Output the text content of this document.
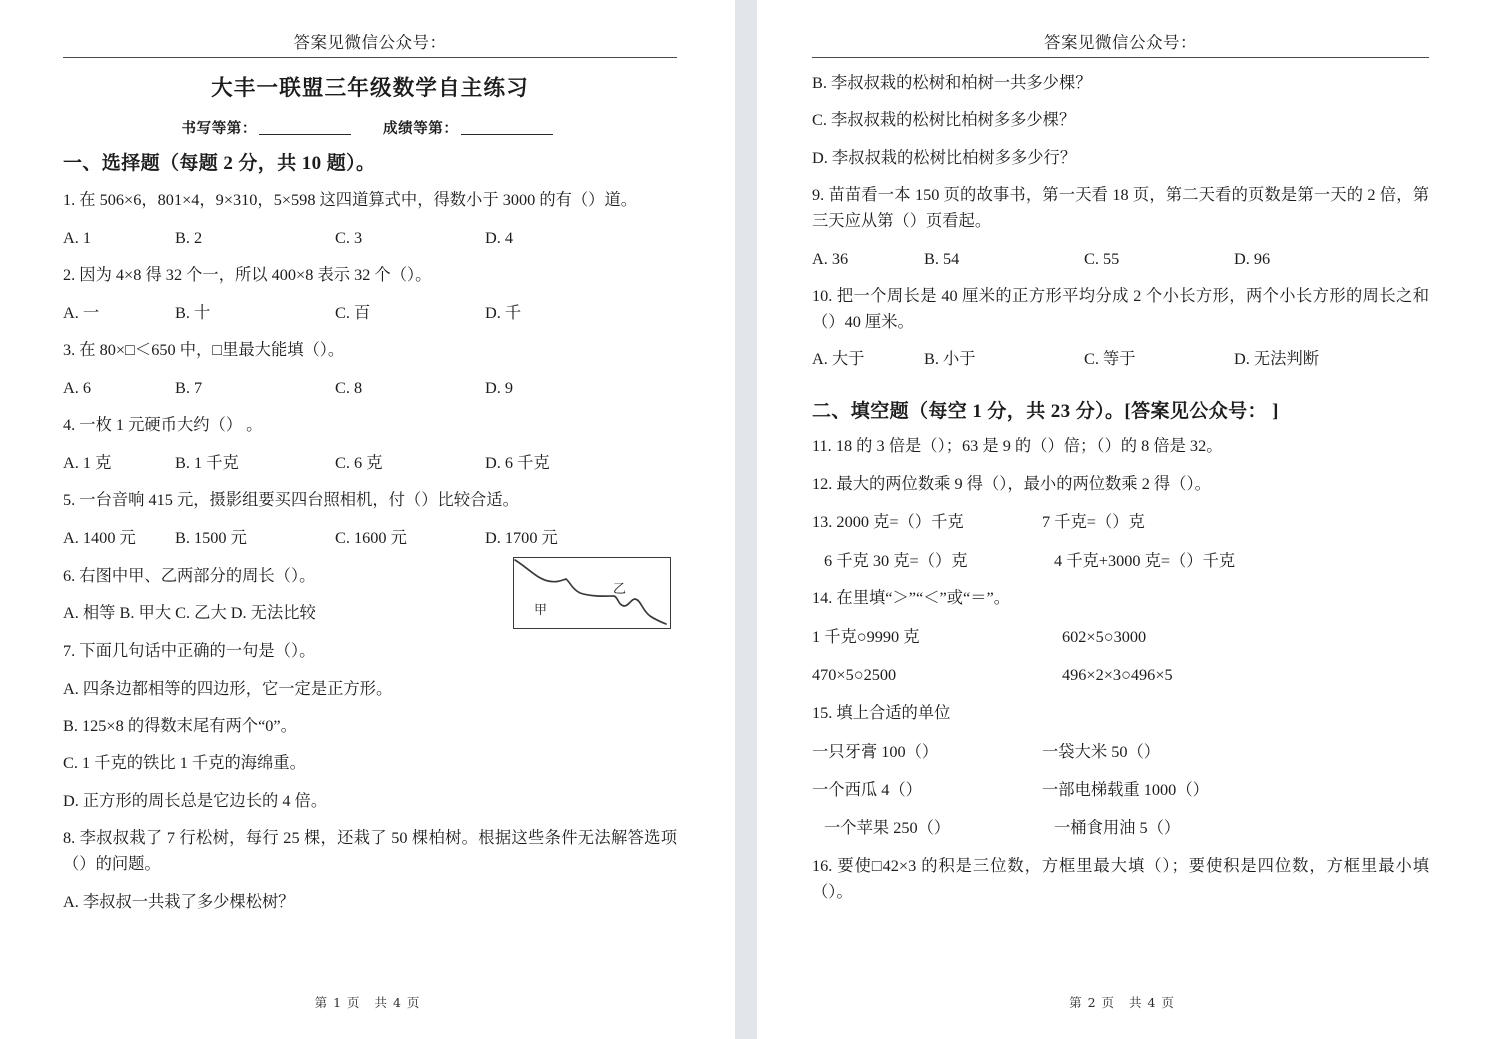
答案见微信公众号：
大丰一联盟三年级数学自主练习
书写等第：	成绩等第：
一、选择题（每题 2 分，共 10 题）。
1. 在 506×6，801×4，9×310，5×598 这四道算式中，得数小于 3000 的有（）道。
A. 1	B. 2	C. 3	D. 4
2. 因为 4×8 得 32 个一，所以 400×8 表示 32 个（）。
A. 一	B. 十	C. 百	D. 千
3. 在 80×□＜650 中，□里最大能填（）。
A. 6	B. 7	C. 8	D. 9
4. 一枚 1 元硬币大约（） 。
A. 1 克	B. 1 千克	C. 6 克	D. 6 千克
5. 一台音响 415 元，摄影组要买四台照相机，付（）比较合适。
A. 1400 元	B. 1500 元	C. 1600 元	D. 1700 元
甲
乙
6. 右图中甲、乙两部分的周长（）。
A. 相等 B. 甲大 C. 乙大 D. 无法比较
7. 下面几句话中正确的一句是（）。
A. 四条边都相等的四边形，它一定是正方形。
B. 125×8 的得数末尾有两个“0”。
C. 1 千克的铁比 1 千克的海绵重。
D. 正方形的周长总是它边长的 4 倍。
8. 李叔叔栽了 7 行松树，每行 25 棵，还栽了 50 棵柏树。根据这些条件无法解答选项（）的问题。
A. 李叔叔一共栽了多少棵松树？
第 1 页 共 4 页
答案见微信公众号：
B. 李叔叔栽的松树和柏树一共多少棵？
C. 李叔叔栽的松树比柏树多多少棵？
D. 李叔叔栽的松树比柏树多多少行？
9. 苗苗看一本 150 页的故事书，第一天看 18 页，第二天看的页数是第一天的 2 倍，第三天应从第（）页看起。
A. 36	B. 54	C. 55	D. 96
10. 把一个周长是 40 厘米的正方形平均分成 2 个小长方形，两个小长方形的周长之和（）40 厘米。
A. 大于	B. 小于	C. 等于	D. 无法判断
二、填空题（每空 1 分，共 23 分）。[答案见公众号： ]
11. 18 的 3 倍是（）；63 是 9 的（）倍；（）的 8 倍是 32。
12. 最大的两位数乘 9 得（），最小的两位数乘 2 得（）。
13. 2000 克=（）千克	7 千克=（）克
6 千克 30 克=（）克	4 千克+3000 克=（）千克
14. 在里填“＞”“＜”或“＝”。
1 千克○9990 克	602×5○3000
470×5○2500	496×2×3○496×5
15. 填上合适的单位
一只牙膏 100（）	一袋大米 50（）
一个西瓜 4（）	一部电梯载重 1000（）
一个苹果 250（）	一桶食用油 5（）
16. 要使□42×3 的积是三位数，方框里最大填（）；要使积是四位数，方框里最小填（）。
第 2 页 共 4 页
